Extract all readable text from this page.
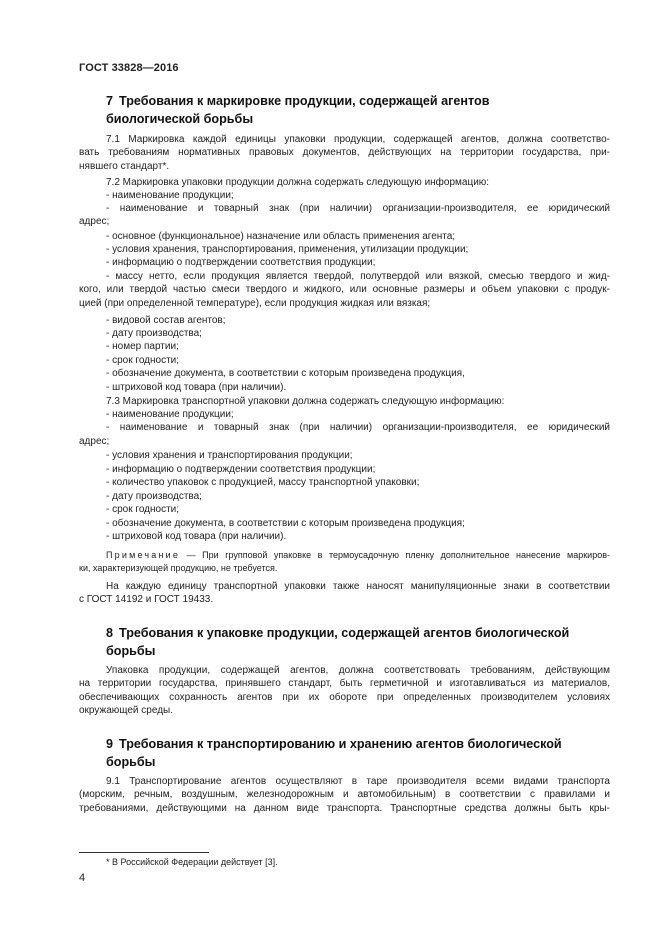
ГОСТ 33828—2016
7 Требования к маркировке продукции, содержащей агентов
биологической борьбы
7.1 Маркировка каждой единицы упаковки продукции, содержащей агентов, должна соответство-
вать требованиям нормативных правовых документов, действующих на территории государства, при-
нявшего стандарт*.
7.2 Маркировка упаковки продукции должна содержать следующую информацию:
- наименование продукции;
- наименование и товарный знак (при наличии) организации-производителя, ее юридический
адрес;
- основное (функциональное) назначение или область применения агента;
- условия хранения, транспортирования, применения, утилизации продукции;
- информацию о подтверждении соответствия продукции;
- массу нетто, если продукция является твердой, полутвердой или вязкой, смесью твердого и жид-
кого, или твердой частью смеси твердого и жидкого, или основные размеры и объем упаковки с продук-
цией (при определенной температуре), если продукция жидкая или вязкая;
- видовой состав агентов;
- дату производства;
- номер партии;
- срок годности;
- обозначение документа, в соответствии с которым произведена продукция,
- штриховой код товара (при наличии).
7.3 Маркировка транспортной упаковки должна содержать следующую информацию:
- наименование продукции;
- наименование и товарный знак (при наличии) организации-производителя, ее юридический
адрес;
- условия хранения и транспортирования продукции;
- информацию о подтверждении соответствия продукции;
- количество упаковок с продукцией, массу транспортной упаковки;
- дату производства;
- срок годности;
- обозначение документа, в соответствии с которым произведена продукция;
- штриховой код товара (при наличии).
Примечание — При групповой упаковке в термоусадочную пленку дополнительное нанесение маркиров-
ки, характеризующей продукцию, не требуется.
На каждую единицу транспортной упаковки также наносят манипуляционные знаки в соответствии
с ГОСТ 14192 и ГОСТ 19433.
8 Требования к упаковке продукции, содержащей агентов биологической
борьбы
Упаковка продукции, содержащей агентов, должна соответствовать требованиям, действующим
на территории государства, принявшего стандарт, быть герметичной и изготавливаться из материалов,
обеспечивающих сохранность агентов при их обороте при определенных производителем условиях
окружающей среды.
9 Требования к транспортированию и хранению агентов биологической
борьбы
9.1 Транспортирование агентов осуществляют в таре производителя всеми видами транспорта
(морским, речным, воздушным, железнодорожным и автомобильным) в соответствии с правилами и
требованиями, действующими на данном виде транспорта. Транспортные средства должны быть кры-
* В Российской Федерации действует [3].
4
